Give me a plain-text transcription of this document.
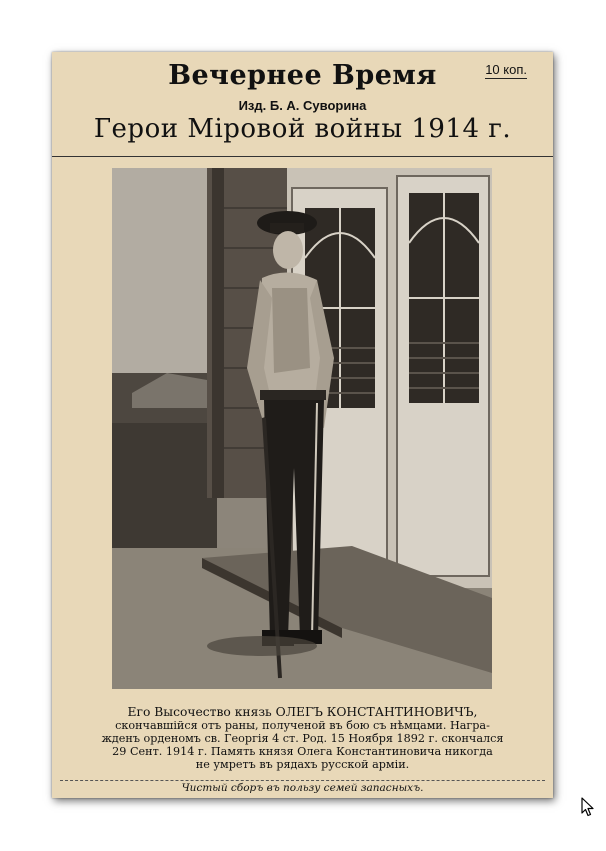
Вечернее Время	10 коп.
Изд. Б. А. Суворина
Герои Міровой войны 1914 г.
Его Высочество князь ОЛЕГЪ КОНСТАНТИНОВИЧЪ,
скончавшійся отъ раны, полученой въ бою съ нѣмцами. Награ-
жденъ орденомъ св. Георгія 4 ст. Род. 15 Ноября 1892 г. скончался
29 Сент. 1914 г. Память князя Олега Константиновича никогда
не умретъ въ рядахъ русской арміи.
Чистый сборъ въ пользу семей запасныхъ.
